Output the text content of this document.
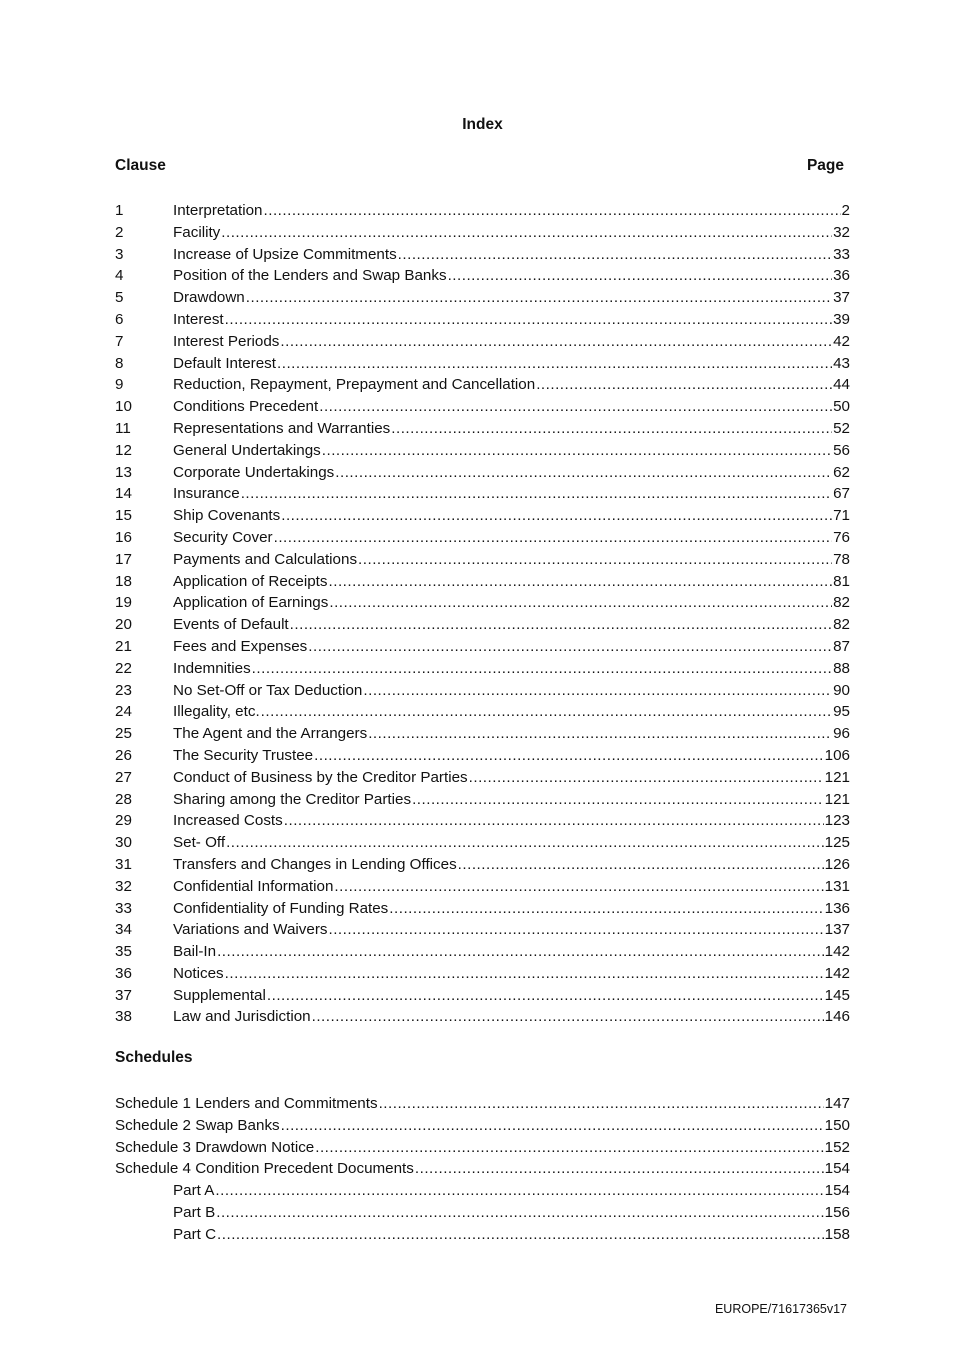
Index
Clause	Page
1	Interpretation .....	2
2	Facility .....	32
3	Increase of Upsize Commitments .....	33
4	Position of the Lenders and Swap Banks .....	36
5	Drawdown .....	37
6	Interest .....	39
7	Interest Periods .....	42
8	Default Interest .....	43
9	Reduction, Repayment, Prepayment and Cancellation .....	44
10	Conditions Precedent .....	50
11	Representations and Warranties .....	52
12	General Undertakings .....	56
13	Corporate Undertakings .....	62
14	Insurance .....	67
15	Ship Covenants .....	71
16	Security Cover .....	76
17	Payments and Calculations .....	78
18	Application of Receipts .....	81
19	Application of Earnings .....	82
20	Events of Default .....	82
21	Fees and Expenses .....	87
22	Indemnities .....	88
23	No Set-Off or Tax Deduction .....	90
24	Illegality, etc. .....	95
25	The Agent and the Arrangers .....	96
26	The Security Trustee .....	106
27	Conduct of Business by the Creditor Parties .....	121
28	Sharing among the Creditor Parties .....	121
29	Increased Costs .....	123
30	Set- Off .....	125
31	Transfers and Changes in Lending Offices .....	126
32	Confidential Information .....	131
33	Confidentiality of Funding Rates .....	136
34	Variations and Waivers .....	137
35	Bail-In .....	142
36	Notices .....	142
37	Supplemental .....	145
38	Law and Jurisdiction .....	146
Schedules
Schedule 1 Lenders and Commitments .....	147
Schedule 2 Swap Banks .....	150
Schedule 3 Drawdown Notice .....	152
Schedule 4 Condition Precedent Documents .....	154
Part A .....	154
Part B .....	156
Part C .....	158
EUROPE/71617365v17
